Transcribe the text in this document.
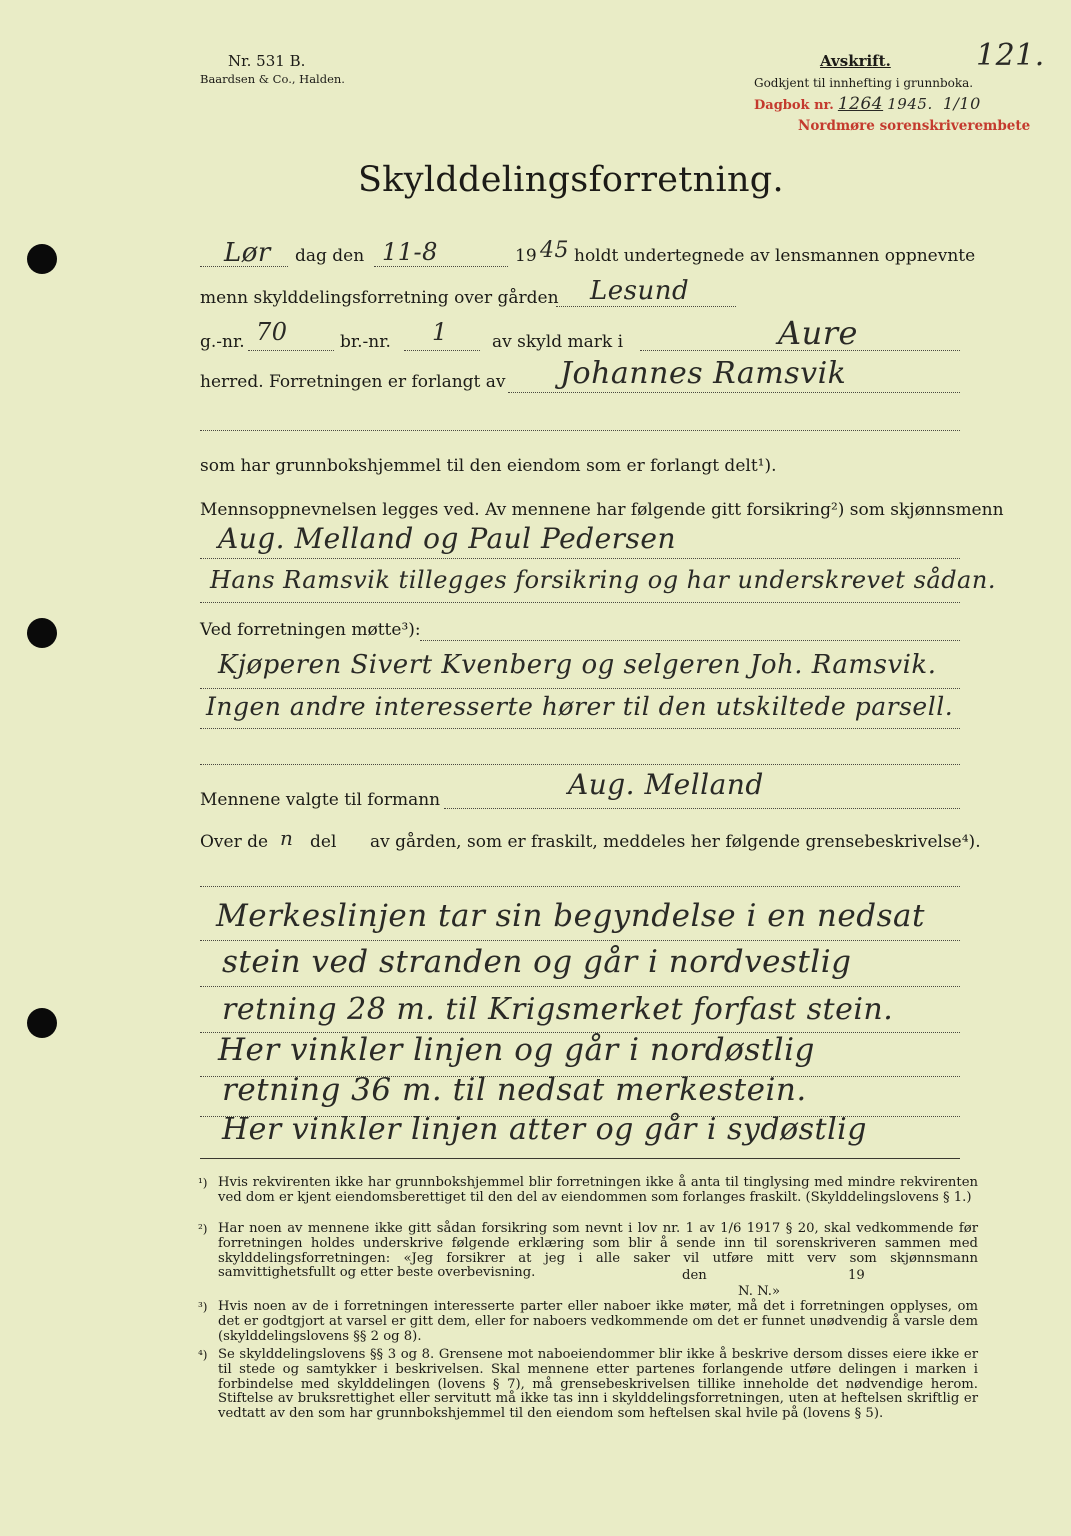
Nr. 531 B.
Baardsen & Co., Halden.
Avskrift.
Godkjent til innhefting i grunnboka.
121.
Dagbok nr. 1264 1945. 1/10
Nordmøre sorenskriverembete
Skylddelingsforretning.
Lør dag den 11-8	19 45 holdt undertegnede av lensmannen oppnevnte
menn skylddelingsforretning over gården Lesund
g.-nr. 70	br.-nr. 1	av skyld mark i	Aure
herred. Forretningen er forlangt av Johannes Ramsvik
som har grunnbokshjemmel til den eiendom som er forlangt delt¹).
Mennsoppnevnelsen legges ved. Av mennene har følgende gitt forsikring²) som skjønnsmenn
Aug. Melland og Paul Pedersen
Hans Ramsvik tillegges forsikring og har underskrevet sådan.
Ved forretningen møtte³):
Kjøperen Sivert Kvenberg og selgeren Joh. Ramsvik.
Ingen andre interesserte hører til den utskiltede parsell.
Mennene valgte til formann	Aug. Melland
Over de n del av gården, som er fraskilt, meddeles her følgende grensebeskrivelse⁴).
Merkeslinjen tar sin begyndelse i en nedsat
stein ved stranden og går i nordvestlig
retning 28 m. til Krigsmerket forfast stein.
Her vinkler linjen og går i nordøstlig
retning 36 m. til nedsat merkestein.
Her vinkler linjen atter og går i sydøstlig
¹) Hvis rekvirenten ikke har grunnbokshjemmel blir forretningen ikke å anta til tinglysing med mindre rekvirenten ved dom er kjent eiendomsberettiget til den del av eiendommen som forlanges fraskilt. (Skylddelingslovens § 1.)
²) Har noen av mennene ikke gitt sådan forsikring som nevnt i lov nr. 1 av 1/6 1917 § 20, skal vedkommende før forretningen holdes underskrive følgende erklæring som blir å sende inn til sorenskriveren sammen med skylddelingsforretningen: «Jeg forsikrer at jeg i alle saker vil utføre mitt verv som skjønnsmann samvittighetsfullt og etter beste overbevisning.	den	19
N. N.»
³) Hvis noen av de i forretningen interesserte parter eller naboer ikke møter, må det i forretningen opplyses, om det er godtgjort at varsel er gitt dem, eller for naboers vedkommende om det er funnet unødvendig å varsle dem (skylddelingslovens §§ 2 og 8).
⁴) Se skylddelingslovens §§ 3 og 8. Grensene mot naboeiendommer blir ikke å beskrive dersom disses eiere ikke er til stede og samtykker i beskrivelsen. Skal mennene etter partenes forlangende utføre delingen i marken i forbindelse med skylddelingen (lovens § 7), må grensebeskrivelsen tillike inneholde det nødvendige herom. Stiftelse av bruksrettighet eller servitutt må ikke tas inn i skylddelingsforretningen, uten at heftelsen skriftlig er vedtatt av den som har grunnbokshjemmel til den eiendom som heftelsen skal hvile på (lovens § 5).
